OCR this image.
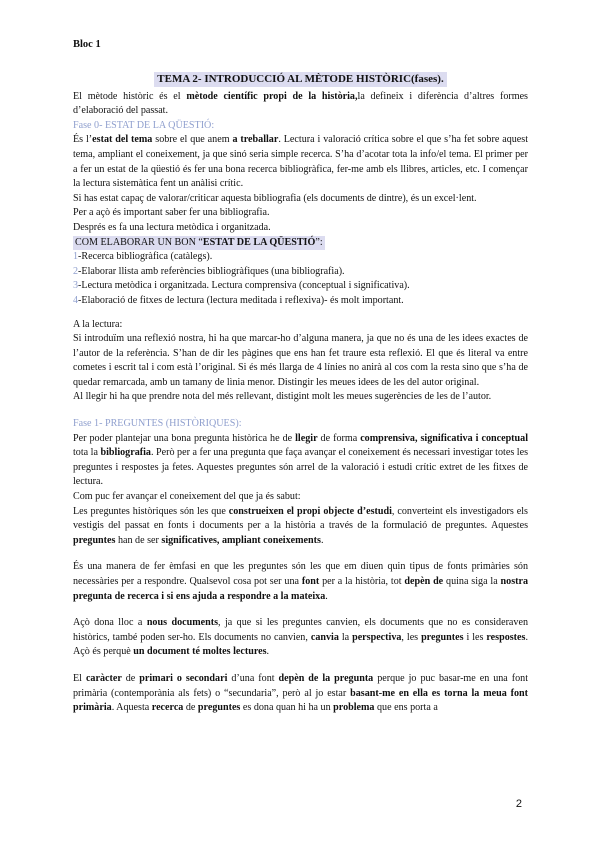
Bloc 1
TEMA 2- INTRODUCCIÓ AL MÈTODE HISTÒRIC(fases).

El mètode històric és el mètode científic propi de la història,la defineix i diferència d’altres formes d’elaboració del passat.

Fase 0- ESTAT DE LA QÜESTIÓ:

És l’estat del tema sobre el que anem a treballar. Lectura i valoració crítica sobre el que s’ha fet sobre aquest tema, ampliant el coneixement, ja que sinó seria simple recerca. S’ha d’acotar tota la info/el tema. El primer per a fer un estat de la qüestió és fer una bona recerca bibliogràfica, fer-me amb els llibres, articles, etc. I començar la lectura sistemàtica fent un anàlisi crític.

Si has estat capaç de valorar/criticar aquesta bibliografia (els documents de dintre), és un excel·lent.

Per a açò és important saber fer una bibliografia.

Després es fa una lectura metòdica i organitzada.

COM ELABORAR UN BON “ESTAT DE LA QÜESTIÓ”:

1-Recerca bibliogràfica (catàlegs).

2-Elaborar llista amb referències bibliogràfiques (una bibliografia).

3-Lectura metòdica i organitzada. Lectura comprensiva (conceptual i significativa).

4-Elaboració de fitxes de lectura (lectura meditada i reflexiva)- és molt important.

A la lectura:

Si introduïm una reflexió nostra, hi ha que marcar-ho d’alguna manera, ja que no és una de les idees exactes de l’autor de la referència. S’han de dir les pàgines que ens han fet traure esta reflexió. El que és literal va entre cometes i escrit tal i com està l’original. Si és més llarga de 4 línies no anirà al cos com la resta sino que s’ha de quedar remarcada, amb un tamany de lìnia menor. Distingir les meues idees de les del autor original.

Al llegir hi ha que prendre nota del més rellevant, distigint molt les meues sugerències de les de l’autor.

Fase 1- PREGUNTES (HISTÒRIQUES):

Per poder plantejar una bona pregunta històrica he de llegir de forma comprensiva, significativa i conceptual tota la bibliografia. Però per a fer una pregunta que faça avançar el coneixement és necessari investigar totes les preguntes i respostes ja fetes. Aquestes preguntes són arrel de la valoració i estudi crític extret de les fitxes de lectura.

Com puc fer avançar el coneixement del que ja és sabut:

Les preguntes històriques són les que construeixen el propi objecte d’estudi, converteint els investigadors els vestigis del passat en fonts i documents per a la història a través de la formulació de preguntes. Aquestes preguntes han de ser significatives, ampliant coneixements.

És una manera de fer èmfasi en que les preguntes són les que em diuen quin tipus de fonts primàries són necessàries per a respondre. Qualsevol cosa pot ser una font per a la història, tot depèn de quina siga la nostra pregunta de recerca i si ens ajuda a respondre a la mateixa.

Açò dona lloc a nous documents, ja que si les preguntes canvien, els documents que no es consideraven històrics, també poden ser-ho. Els documents no canvien, canvia la perspectiva, les preguntes i les respostes. Açò és perquè un document té moltes lectures.

El caràcter de primari o secondari d’una font depèn de la pregunta perque jo puc basar-me en una font primària (contemporània als fets) o “secundaria”, però al jo estar basant-me en ella es torna la meua font primària. Aquesta recerca de preguntes es dona quan hi ha un problema que ens porta a

2
